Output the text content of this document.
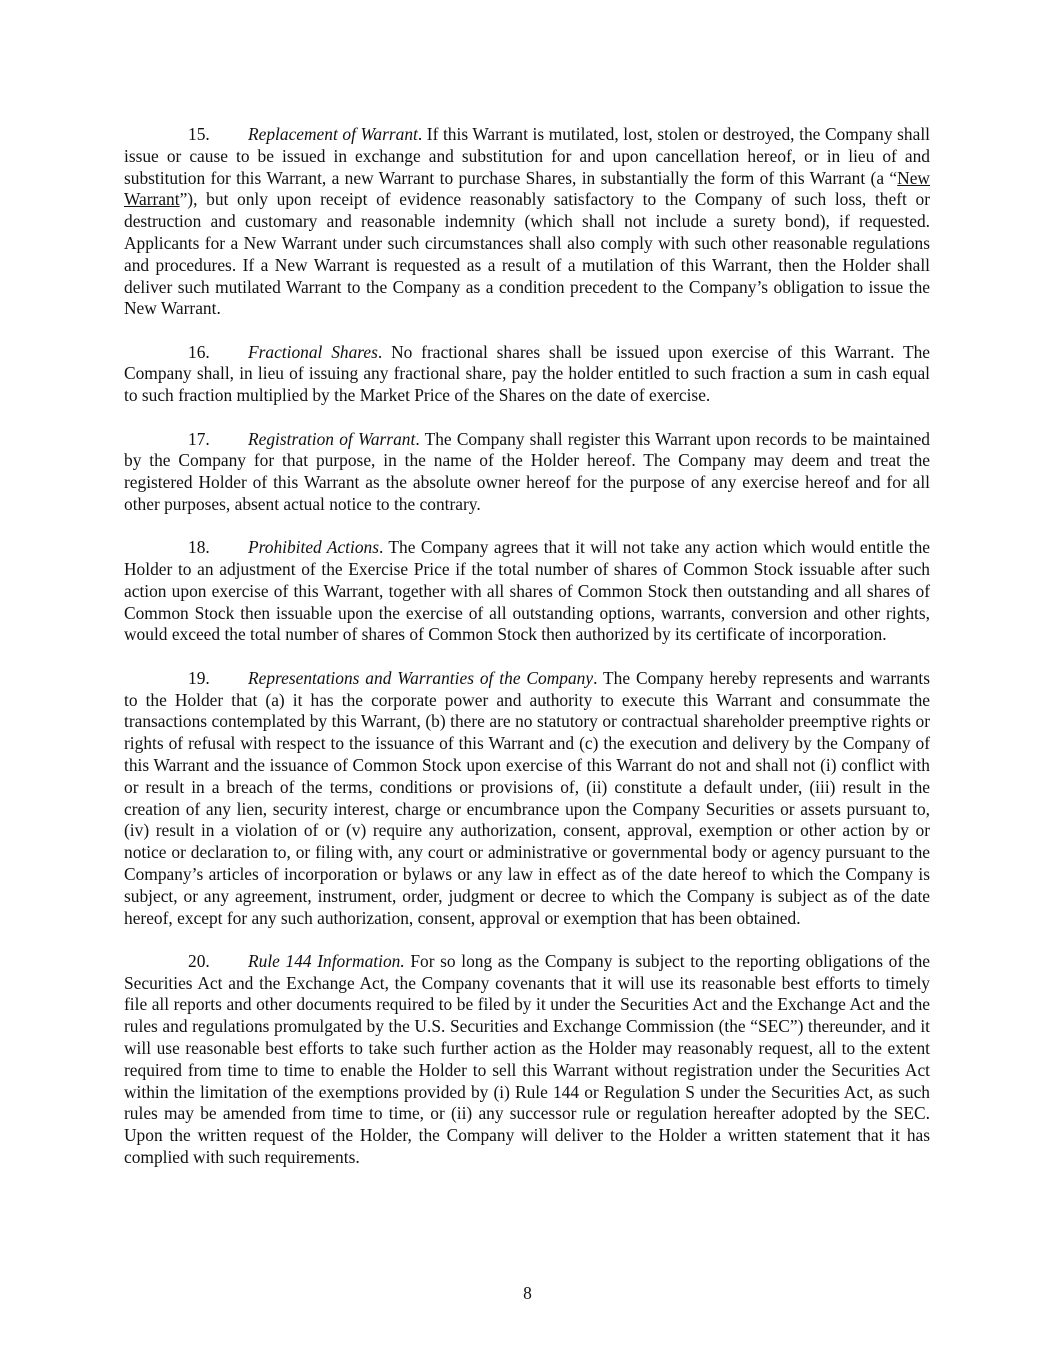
15. Replacement of Warrant. If this Warrant is mutilated, lost, stolen or destroyed, the Company shall issue or cause to be issued in exchange and substitution for and upon cancellation hereof, or in lieu of and substitution for this Warrant, a new Warrant to purchase Shares, in substantially the form of this Warrant (a “New Warrant”), but only upon receipt of evidence reasonably satisfactory to the Company of such loss, theft or destruction and customary and reasonable indemnity (which shall not include a surety bond), if requested. Applicants for a New Warrant under such circumstances shall also comply with such other reasonable regulations and procedures. If a New Warrant is requested as a result of a mutilation of this Warrant, then the Holder shall deliver such mutilated Warrant to the Company as a condition precedent to the Company’s obligation to issue the New Warrant.

16. Fractional Shares. No fractional shares shall be issued upon exercise of this Warrant. The Company shall, in lieu of issuing any fractional share, pay the holder entitled to such fraction a sum in cash equal to such fraction multiplied by the Market Price of the Shares on the date of exercise.

17. Registration of Warrant. The Company shall register this Warrant upon records to be maintained by the Company for that purpose, in the name of the Holder hereof. The Company may deem and treat the registered Holder of this Warrant as the absolute owner hereof for the purpose of any exercise hereof and for all other purposes, absent actual notice to the contrary.

18. Prohibited Actions. The Company agrees that it will not take any action which would entitle the Holder to an adjustment of the Exercise Price if the total number of shares of Common Stock issuable after such action upon exercise of this Warrant, together with all shares of Common Stock then outstanding and all shares of Common Stock then issuable upon the exercise of all outstanding options, warrants, conversion and other rights, would exceed the total number of shares of Common Stock then authorized by its certificate of incorporation.

19. Representations and Warranties of the Company. The Company hereby represents and warrants to the Holder that (a) it has the corporate power and authority to execute this Warrant and consummate the transactions contemplated by this Warrant, (b) there are no statutory or contractual shareholder preemptive rights or rights of refusal with respect to the issuance of this Warrant and (c) the execution and delivery by the Company of this Warrant and the issuance of Common Stock upon exercise of this Warrant do not and shall not (i) conflict with or result in a breach of the terms, conditions or provisions of, (ii) constitute a default under, (iii) result in the creation of any lien, security interest, charge or encumbrance upon the Company Securities or assets pursuant to, (iv) result in a violation of or (v) require any authorization, consent, approval, exemption or other action by or notice or declaration to, or filing with, any court or administrative or governmental body or agency pursuant to the Company’s articles of incorporation or bylaws or any law in effect as of the date hereof to which the Company is subject, or any agreement, instrument, order, judgment or decree to which the Company is subject as of the date hereof, except for any such authorization, consent, approval or exemption that has been obtained.

20. Rule 144 Information. For so long as the Company is subject to the reporting obligations of the Securities Act and the Exchange Act, the Company covenants that it will use its reasonable best efforts to timely file all reports and other documents required to be filed by it under the Securities Act and the Exchange Act and the rules and regulations promulgated by the U.S. Securities and Exchange Commission (the “SEC”) thereunder, and it will use reasonable best efforts to take such further action as the Holder may reasonably request, all to the extent required from time to time to enable the Holder to sell this Warrant without registration under the Securities Act within the limitation of the exemptions provided by (i) Rule 144 or Regulation S under the Securities Act, as such rules may be amended from time to time, or (ii) any successor rule or regulation hereafter adopted by the SEC. Upon the written request of the Holder, the Company will deliver to the Holder a written statement that it has complied with such requirements.

8
